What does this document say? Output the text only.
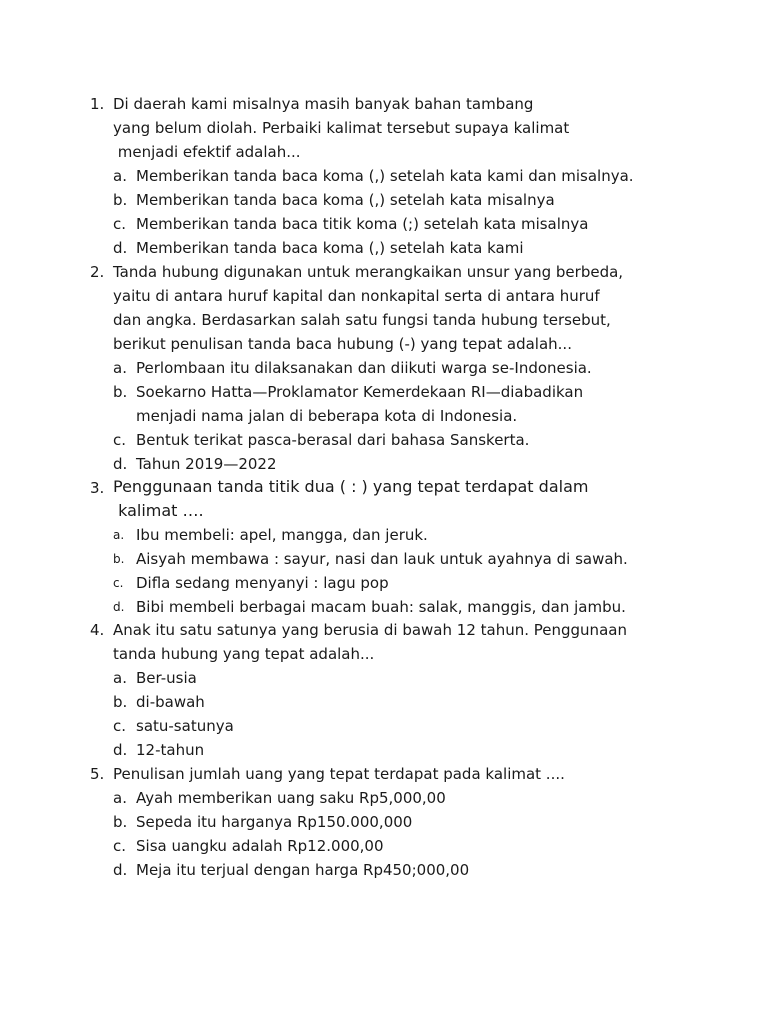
1. Di daerah kami misalnya masih banyak bahan tambang
yang belum diolah. Perbaiki kalimat tersebut supaya kalimat
menjadi efektif adalah...
a. Memberikan tanda baca koma (,) setelah kata kami dan misalnya.
b. Memberikan tanda baca koma (,) setelah kata misalnya
c. Memberikan tanda baca titik koma (;) setelah kata misalnya
d. Memberikan tanda baca koma (,) setelah kata kami
2. Tanda hubung digunakan untuk merangkaikan unsur yang berbeda,
yaitu di antara huruf kapital dan nonkapital serta di antara huruf
dan angka. Berdasarkan salah satu fungsi tanda hubung tersebut,
berikut penulisan tanda baca hubung (-) yang tepat adalah...
a. Perlombaan itu dilaksanakan dan diikuti warga se-Indonesia.
b. Soekarno Hatta—Proklamator Kemerdekaan RI—diabadikan
menjadi nama jalan di beberapa kota di Indonesia.
c. Bentuk terikat pasca-berasal dari bahasa Sanskerta.
d. Tahun 2019—2022
3. Penggunaan tanda titik dua ( : ) yang tepat terdapat dalam
kalimat ….
a. Ibu membeli: apel, mangga, dan jeruk.
b. Aisyah membawa : sayur, nasi dan lauk untuk ayahnya di sawah.
c. Difla sedang menyanyi : lagu pop
d. Bibi membeli berbagai macam buah: salak, manggis, dan jambu.
4. Anak itu satu satunya yang berusia di bawah 12 tahun. Penggunaan
tanda hubung yang tepat adalah...
a. Ber-usia
b. di-bawah
c. satu-satunya
d. 12-tahun
5. Penulisan jumlah uang yang tepat terdapat pada kalimat ....
a. Ayah memberikan uang saku Rp5,000,00
b. Sepeda itu harganya Rp150.000,000
c. Sisa uangku adalah Rp12.000,00
d. Meja itu terjual dengan harga Rp450;000,00
